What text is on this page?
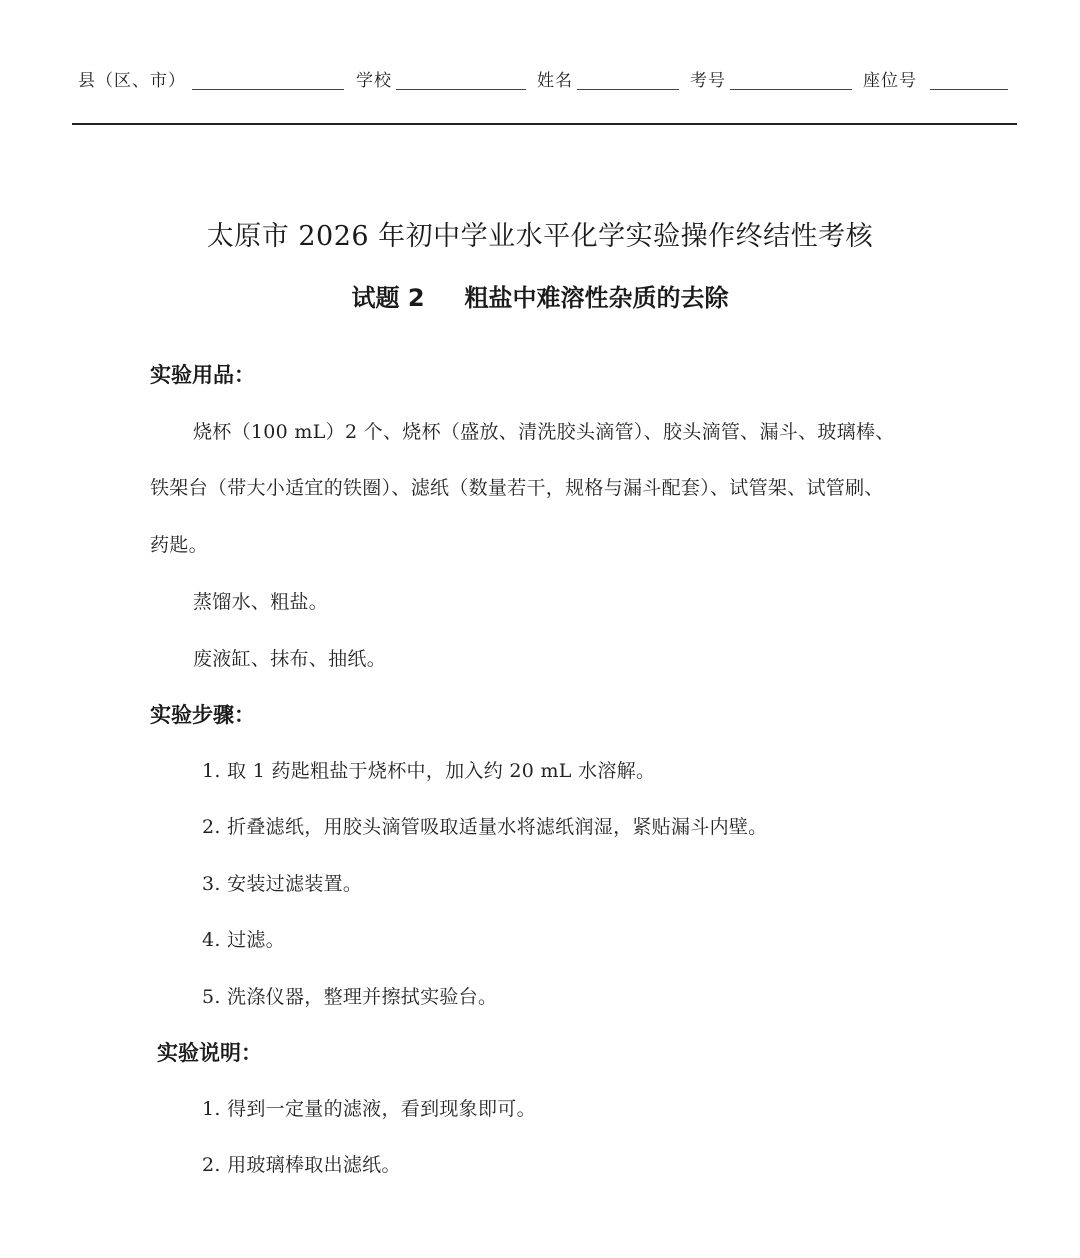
县（区、市）	学校	姓名	考号	座位号
太原市 2026 年初中学业水平化学实验操作终结性考核
试题 2 粗盐中难溶性杂质的去除
实验用品：
烧杯（100 mL）2 个、烧杯（盛放、清洗胶头滴管）、胶头滴管、漏斗、玻璃棒、
铁架台（带大小适宜的铁圈）、滤纸（数量若干，规格与漏斗配套）、试管架、试管刷、
药匙。
蒸馏水、粗盐。
废液缸、抹布、抽纸。
实验步骤：
1. 取 1 药匙粗盐于烧杯中，加入约 20 mL 水溶解。
2. 折叠滤纸，用胶头滴管吸取适量水将滤纸润湿，紧贴漏斗内壁。
3. 安装过滤装置。
4. 过滤。
5. 洗涤仪器，整理并擦拭实验台。
实验说明：
1. 得到一定量的滤液，看到现象即可。
2. 用玻璃棒取出滤纸。
